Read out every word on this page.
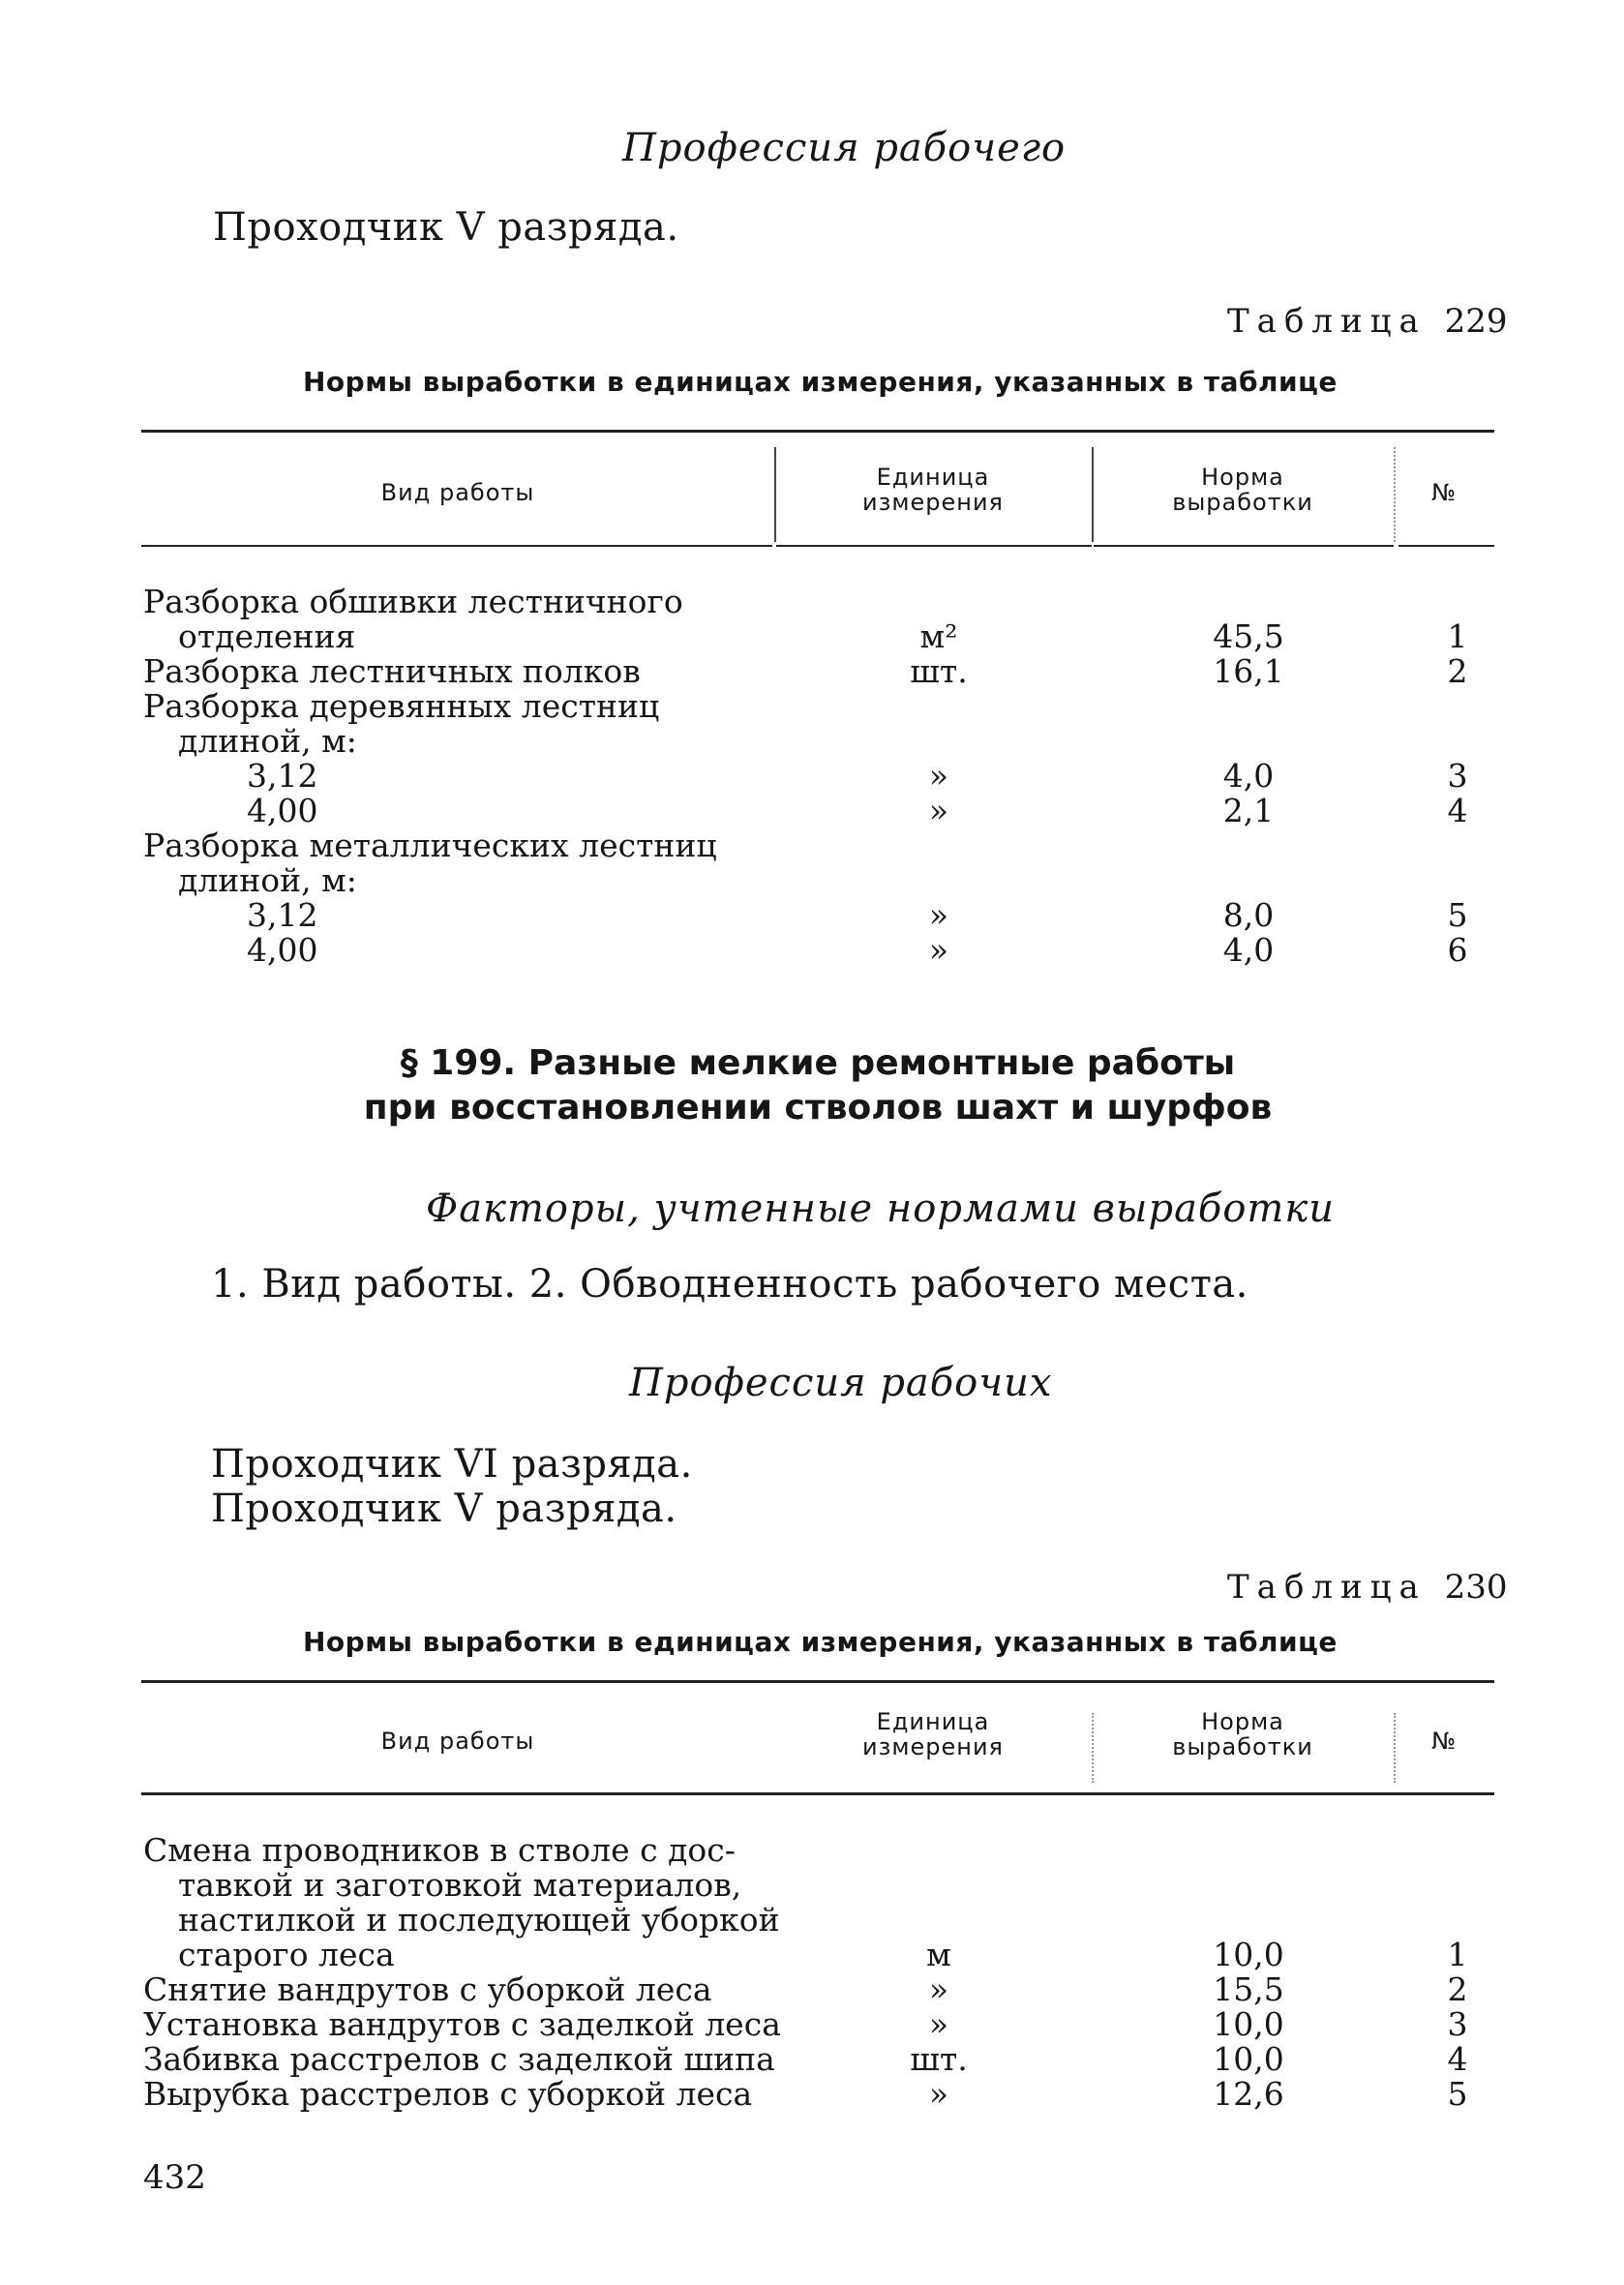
Профессия рабочего
Проходчик V разряда.
Таблица 229
Нормы выработки в единицах измерения, указанных в таблице
Вид работы
Единица
измерения
Норма
выработки	№
Разборка обшивки лестничного
отделения	м²	45,5	1
Разборка лестничных полков	шт.	16,1	2
Разборка деревянных лестниц
длиной, м:
3,12	»	4,0	3
4,00	»	2,1	4
Разборка металлических лестниц
длиной, м:
3,12	»	8,0	5
4,00	»	4,0	6
§ 199. Разные мелкие ремонтные работы
при восстановлении стволов шахт и шурфов
Факторы, учтенные нормами выработки
1. Вид работы. 2. Обводненность рабочего места.
Профессия рабочих
Проходчик VI разряда.
Проходчик V разряда.
Таблица 230
Нормы выработки в единицах измерения, указанных в таблице
Вид работы
Единица
измерения
Норма
выработки	№
Смена проводников в стволе с дос-
тавкой и заготовкой материалов,
настилкой и последующей уборкой
старого леса	м	10,0	1
Снятие вандрутов с уборкой леса	»	15,5	2
Установка вандрутов с заделкой леса	»	10,0	3
Забивка расстрелов с заделкой шипа	шт.	10,0	4
Вырубка расстрелов с уборкой леса	»	12,6	5
432
